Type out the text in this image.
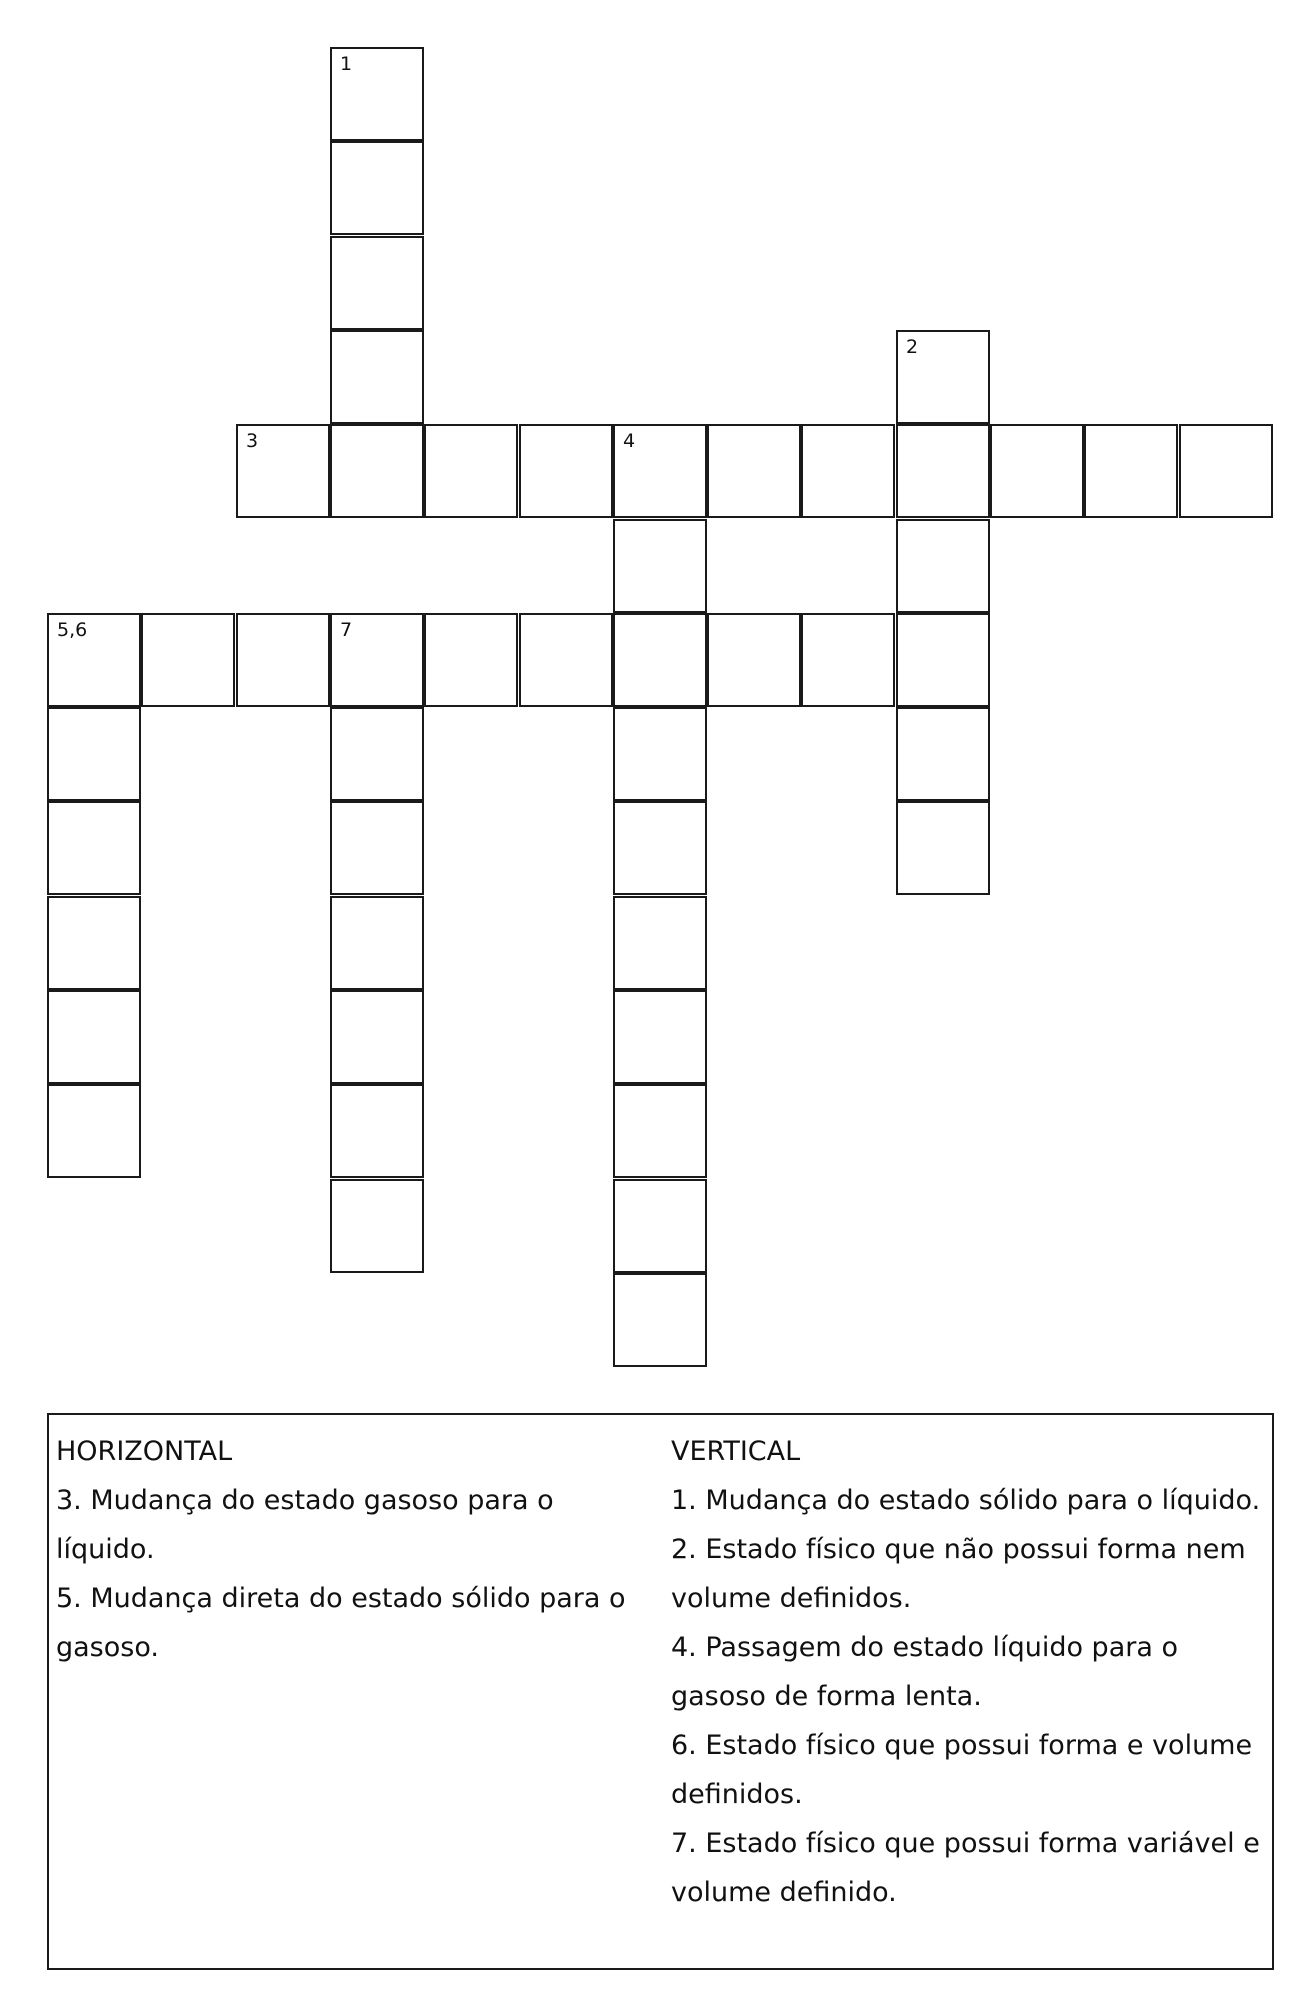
1
2
3	4
5,6	7
HORIZONTAL
3. Mudança do estado gasoso para o
líquido.
5. Mudança direta do estado sólido para o
gasoso.
VERTICAL
1. Mudança do estado sólido para o líquido.
2. Estado físico que não possui forma nem
volume definidos.
4. Passagem do estado líquido para o
gasoso de forma lenta.
6. Estado físico que possui forma e volume
definidos.
7. Estado físico que possui forma variável e
volume definido.
